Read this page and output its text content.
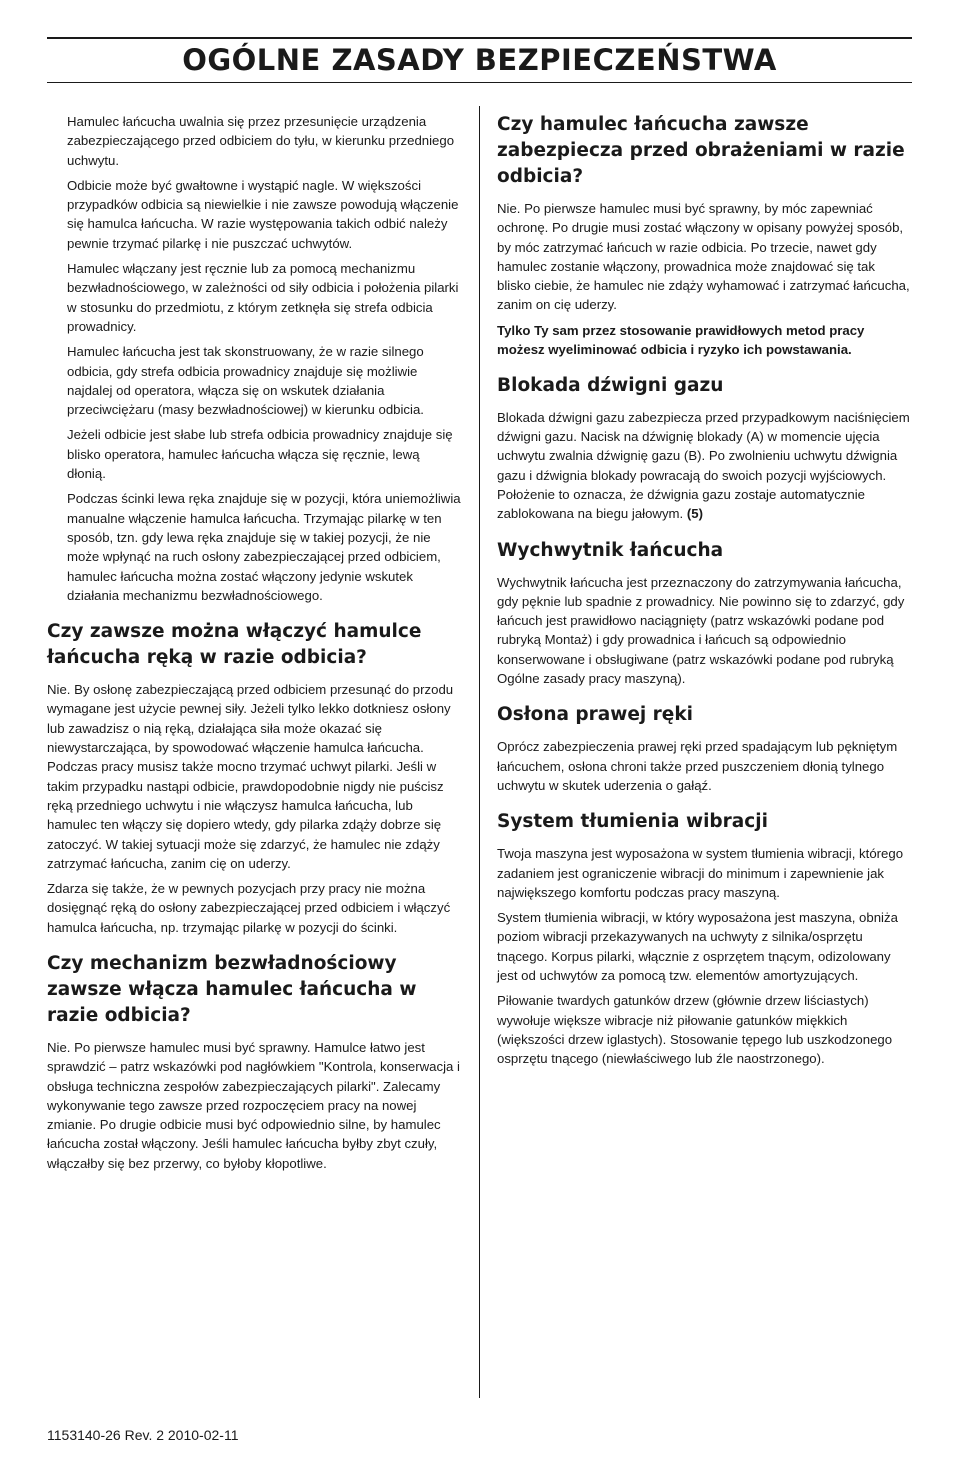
OGÓLNE ZASADY BEZPIECZEŃSTWA

Hamulec łańcucha uwalnia się przez przesunięcie urządzenia zabezpieczającego przed odbiciem do tyłu, w kierunku przedniego uchwytu.

Odbicie może być gwałtowne i wystąpić nagle. W większości przypadków odbicia są niewielkie i nie zawsze powodują włączenie się hamulca łańcucha. W razie występowania takich odbić należy pewnie trzymać pilarkę i nie puszczać uchwytów.

Hamulec włączany jest ręcznie lub za pomocą mechanizmu bezwładnościowego, w zależności od siły odbicia i położenia pilarki w stosunku do przedmiotu, z którym zetknęła się strefa odbicia prowadnicy.

Hamulec łańcucha jest tak skonstruowany, że w razie silnego odbicia, gdy strefa odbicia prowadnicy znajduje się możliwie najdalej od operatora, włącza się on wskutek działania przeciwciężaru (masy bezwładnościowej) w kierunku odbicia.

Jeżeli odbicie jest słabe lub strefa odbicia prowadnicy znajduje się blisko operatora, hamulec łańcucha włącza się ręcznie, lewą dłonią.

Podczas ścinki lewa ręka znajduje się w pozycji, która uniemożliwia manualne włączenie hamulca łańcucha. Trzymając pilarkę w ten sposób, tzn. gdy lewa ręka znajduje się w takiej pozycji, że nie może wpłynąć na ruch osłony zabezpieczającej przed odbiciem, hamulec łańcucha można zostać włączony jedynie wskutek działania mechanizmu bezwładnościowego.

Czy zawsze można włączyć hamulce łańcucha ręką w razie odbicia?

Nie. By osłonę zabezpieczającą przed odbiciem przesunąć do przodu wymagane jest użycie pewnej siły. Jeżeli tylko lekko dotkniesz osłony lub zawadzisz o nią ręką, działająca siła może okazać się niewystarczająca, by spowodować włączenie hamulca łańcucha. Podczas pracy musisz także mocno trzymać uchwyt pilarki. Jeśli w takim przypadku nastąpi odbicie, prawdopodobnie nigdy nie puścisz ręką przedniego uchwytu i nie włączysz hamulca łańcucha, lub hamulec ten włączy się dopiero wtedy, gdy pilarka zdąży dobrze się zatoczyć. W takiej sytuacji może się zdarzyć, że hamulec nie zdąży zatrzymać łańcucha, zanim cię on uderzy.

Zdarza się także, że w pewnych pozycjach przy pracy nie można dosięgnąć ręką do osłony zabezpieczającej przed odbiciem i włączyć hamulca łańcucha, np. trzymając pilarkę w pozycji do ścinki.

Czy mechanizm bezwładnościowy zawsze włącza hamulec łańcucha w razie odbicia?

Nie. Po pierwsze hamulec musi być sprawny. Hamulce łatwo jest sprawdzić – patrz wskazówki pod nagłówkiem "Kontrola, konserwacja i obsługa techniczna zespołów zabezpieczających pilarki". Zalecamy wykonywanie tego zawsze przed rozpoczęciem pracy na nowej zmianie. Po drugie odbicie musi być odpowiednio silne, by hamulec łańcucha został włączony. Jeśli hamulec łańcucha byłby zbyt czuły, włączałby się bez przerwy, co byłoby kłopotliwe.

Czy hamulec łańcucha zawsze zabezpiecza przed obrażeniami w razie odbicia?

Nie. Po pierwsze hamulec musi być sprawny, by móc zapewniać ochronę. Po drugie musi zostać włączony w opisany powyżej sposób, by móc zatrzymać łańcuch w razie odbicia. Po trzecie, nawet gdy hamulec zostanie włączony, prowadnica może znajdować się tak blisko ciebie, że hamulec nie zdąży wyhamować i zatrzymać łańcucha, zanim on cię uderzy.

Tylko Ty sam przez stosowanie prawidłowych metod pracy możesz wyeliminować odbicia i ryzyko ich powstawania.

Blokada dźwigni gazu

Blokada dźwigni gazu zabezpiecza przed przypadkowym naciśnięciem dźwigni gazu. Nacisk na dźwignię blokady (A) w momencie ujęcia uchwytu zwalnia dźwignię gazu (B). Po zwolnieniu uchwytu dźwignia gazu i dźwignia blokady powracają do swoich pozycji wyjściowych. Położenie to oznacza, że dźwignia gazu zostaje automatycznie zablokowana na biegu jałowym. (5)

Wychwytnik łańcucha

Wychwytnik łańcucha jest przeznaczony do zatrzymywania łańcucha, gdy pęknie lub spadnie z prowadnicy. Nie powinno się to zdarzyć, gdy łańcuch jest prawidłowo naciągnięty (patrz wskazówki podane pod rubryką Montaż) i gdy prowadnica i łańcuch są odpowiednio konserwowane i obsługiwane (patrz wskazówki podane pod rubryką Ogólne zasady pracy maszyną).

Osłona prawej ręki

Oprócz zabezpieczenia prawej ręki przed spadającym lub pękniętym łańcuchem, osłona chroni także przed puszczeniem dłonią tylnego uchwytu w skutek uderzenia o gałąź.

System tłumienia wibracji

Twoja maszyna jest wyposażona w system tłumienia wibracji, którego zadaniem jest ograniczenie wibracji do minimum i zapewnienie jak największego komfortu podczas pracy maszyną.

System tłumienia wibracji, w który wyposażona jest maszyna, obniża poziom wibracji przekazywanych na uchwyty z silnika/osprzętu tnącego. Korpus pilarki, włącznie z osprzętem tnącym, odizolowany jest od uchwytów za pomocą tzw. elementów amortyzujących.

Piłowanie twardych gatunków drzew (głównie drzew liściastych) wywołuje większe wibracje niż piłowanie gatunków miękkich (większości drzew iglastych). Stosowanie tępego lub uszkodzonego osprzętu tnącego (niewłaściwego lub źle naostrzonego).

1153140-26 Rev. 2 2010-02-11
